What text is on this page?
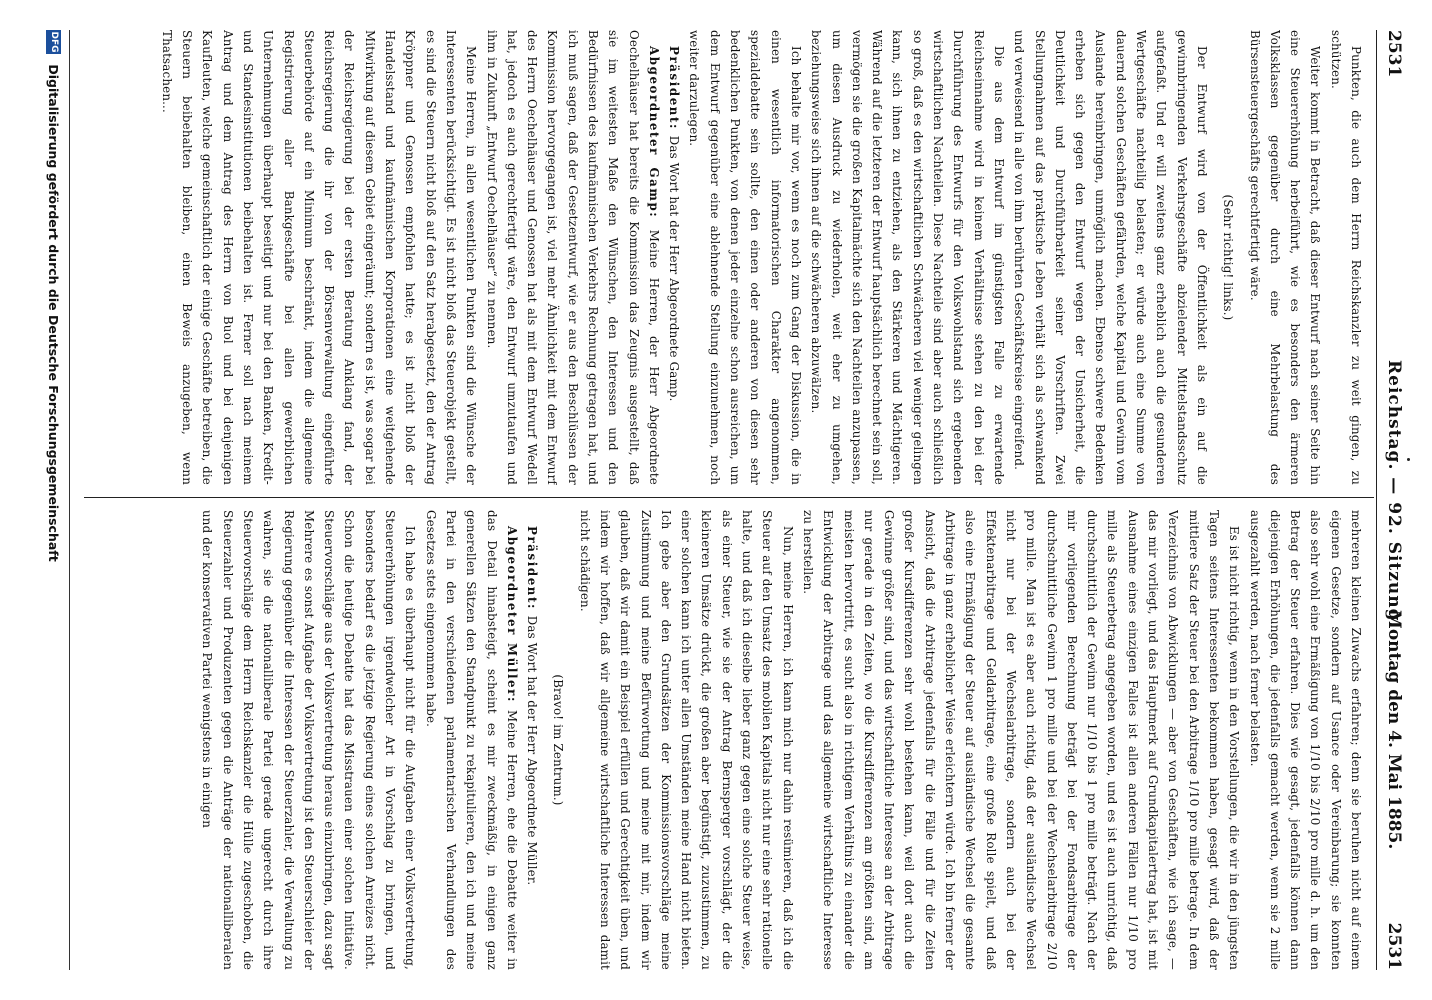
2531
Reichstag. — 92. Sitzung.
Montag den 4. Mai 1885.
2531

Punkten, die auch dem Herrn Reichskanzler zu weit gingen, zu schützen.

Weiter kommt in Betracht, daß dieser Entwurf nach seiner Seite hin eine Steuererhöhung herbeiführt, wie es besonders den ärmeren Volksklassen gegenüber durch eine Mehrbelastung des Bürsensteuergeschäfts gerechtfertigt wäre.

(Sehr richtig! links.)

Der Entwurf wird von der Öffentlichkeit als ein auf die gewinnbringenden Verkehrsgeschäfte abzielender Mittelstandsschutz aufgefaßt. Und er will zweitens ganz erheblich auch die gesunderen Wertgeschäfte nachteilig belasten; er würde auch eine Summe von dauernd solchen Geschäften gefährden, welche Kapital und Gewinn vom Auslande hereinbringen, unmöglich machen. Ebenso schwere Bedenken erheben sich gegen den Entwurf wegen der Unsicherheit, die Deutlichkeit und Durchführbarkeit seiner Vorschriften. Zwei Stellungnahmen auf das praktische Leben verhält sich als schwankend und verweisend in alle von ihm berührten Geschäftskreise eingreifend.

Die aus dem Entwurf im günstigsten Falle zu erwartende Reichseinnahme wird in keinem Verhältnisse stehen zu den bei der Durchführung des Entwurfs für den Volkswohlstand sich ergebenden wirtschaftlichen Nachteilen. Diese Nachteile sind aber auch schließlich so groß, daß es den wirtschaftlichen Schwächeren viel weniger gelingen kann, sich ihnen zu entziehen, als den Stärkeren und Mächtigeren. Während auf die letzteren der Entwurf hauptsächlich berechnet sein soll, vermögen sie die großen Kapitalmächte sich den Nachteilen anzupassen, um diesen Ausdruck zu wiederholen, weit eher zu umgehen, beziehungsweise sich ihnen auf die schwächeren abzuwälzen.

Ich behalte mir vor, wenn es noch zum Gang der Diskussion, die in einen wesentlich informatorischen Charakter angenommen, spezialdebatte sein sollte, den einen oder anderen von diesen sehr bedenklichen Punkten, von denen jeder einzelne schon ausreichen, um dem Entwurf gegenüber eine ablehnende Stellung einzunehmen, noch weiter darzulegen.

Präsident: Das Wort hat der Herr Abgeordnete Gamp.

Abgeordneter Gamp: Meine Herren, der Herr Abgeordnete Oechelhäuser hat bereits die Kommission das Zeugnis ausgestellt, daß sie im weitesten Maße den Wünschen, den Interessen und den Bedürfnissen des kaufmännischen Verkehrs Rechnung getragen hat, und ich muß sagen, daß der Gesetzentwurf, wie er aus den Beschlüssen der Kommission hervorgegangen ist, viel mehr Ähnlichkeit mit dem Entwurf des Herrn Oechelhäuser und Genossen hat als mit dem Entwurf Wedell hat, jedoch es auch gerechtfertigt wäre, den Entwurf umzutaufen und ihm in Zukunft „Entwurf Oechelhäuser“ zu nennen.

Meine Herren, in allen wesentlichen Punkten sind die Wünsche der Interessenten berücksichtigt. Es ist nicht bloß das Steuerobjekt gestellt, es sind die Steuern nicht bloß auf den Satz herabgesetzt, den der Antrag Kröppner und Genossen empfohlen hatte; es ist nicht bloß der Handelsstand und kaufmännischen Korporationen eine weitgehende Mitwirkung auf diesem Gebiet eingeräumt; sondern es ist, was sogar bei der Reichsregierung bei der ersten Beratung Anklang fand, der Reichsregierung die ihr von der Börsenverwaltung eingeführte Steuerbehörde auf ein Minimum beschränkt, indem die allgemeine Registrierung aller Bankgeschäfte bei allen gewerblichen Unternehmungen überhaupt beseitigt und nur bei den Banken, Kredit- und Standesinstitutionen beibehalten ist. Ferner soll nach meinem Antrag und dem Antrag des Herrn von Buol und bei denjenigen Kaufleuten, welche gemeinschaftlich der einige Geschäfte betreiben, die Steuern beibehalten bleiben, einen Beweis anzugeben, wenn Thatsachen...

mehreren kleinen Zuwachs erfahren; denn sie beruhen nicht auf einem eigenen Gesetze, sondern auf Usance oder Vereinbarung; sie konnten also sehr wohl eine Ermäßigung von 1/10 bis 2/10 pro mille d. h. um den Betrag der Steuer erfahren. Dies wie gesagt, jedenfalls können dann diejenigen Erhöhungen, die jedenfalls gemacht werden, wenn sie 2 mille ausgezahlt werden, nach ferner belasten.

Es ist nicht richtig, wenn in den Vorstellungen, die wir in den jüngsten Tagen seitens Interessenten bekommen haben, gesagt wird, daß der mittlere Satz der Steuer bei den Arbitrage 1/10 pro mille betrage. In dem Verzeichnis von Abwicklungen — aber von Geschäften, wie ich sage, — das mir vorliegt, und das Hauptmerk auf Grundkapitalertrag hat, ist mit Ausnahme eines einzigen Falles ist allen anderen Fällen nur 1/10 pro mille als Steuerbetrag angegeben worden, und es ist auch unrichtig, daß durchschnittlich der Gewinn nur 1/10 bis 1 pro mille beträgt. Nach der mir vorliegenden Berechnung beträgt bei der Fondsarbitrage der durchschnittliche Gewinn 1 pro mille und bei der Wechselarbitrage 2/10 pro mille. Man ist es aber auch richtig, daß der ausländische Wechsel nicht nur bei der Wechselarbitrage, sondern auch bei der Effektenarbitrage und Geldarbitrage, eine große Rolle spielt, und daß also eine Ermäßigung der Steuer auf ausländische Wechsel die gesamte Arbitrage in ganz erheblicher Weise erleichtern würde. Ich bin ferner der Ansicht, daß die Arbitrage jedenfalls für die Fälle und für die Zeiten großer Kursdifferenzen sehr wohl bestehen kann, weil dort auch die Gewinne größer sind, und das wirtschaftliche Interesse an der Arbitrage nur gerade in den Zeiten, wo die Kursdifferenzen am größten sind, am meisten hervortritt, es sucht also in richtigem Verhältnis zu einander die Entwicklung der Arbitrage und das allgemeine wirtschaftliche Interesse zu herstellen.

Nun, meine Herren, ich kann mich nur dahin resümieren, daß ich die Steuer auf den Umsatz des mobilen Kapitals nicht nur eine sehr rationelle halte, und daß ich dieselbe lieber ganz gegen eine solche Steuer weise, als einer Steuer, wie sie der Antrag Bernsperger vorschlägt, der die kleineren Umsätze drückt, die großen aber begünstigt, zuzustimmen, zu einer solchen kann ich unter allen Umständen meine Hand nicht bieten. Ich gebe aber den Grundsätzen der Kommissionsvorschläge meine Zustimmung und meine Befürwortung und meine mit mir, indem wir glauben, daß wir damit ein Beispiel erfüllen und Gerechtigkeit üben, und indem wir hoffen, daß wir allgemeine wirtschaftliche Interessen damit nicht schädigen.

(Bravo! im Zentrum.)

Präsident: Das Wort hat der Herr Abgeordnete Müller.

Abgeordneter Müller: Meine Herren, ehe die Debatte weiter in das Detail hinabsteigt, scheint es mir zweckmäßig, in einigen ganz generellen Sätzen den Standpunkt zu rekapitulieren, den ich und meine Partei in den verschiedenen parlamentarischen Verhandlungen des Gesetzes stets eingenommen habe.

Ich habe es überhaupt nicht für die Aufgaben einer Volksvertretung, Steuererhöhungen irgendwelcher Art in Vorschlag zu bringen, und besonders bedarf es die jetzige Regierung eines solchen Anreizes nicht. Schon die heutige Debatte hat das Misstrauen einer solchen Initiative. Steuervorschläge aus der Volksvertretung heraus einzubringen, dazu sagt Mehrere es sonst Aufgabe der Volksvertretung ist den Steuerschleier der Regierung gegenüber die Interessen der Steuerzahler, die Verwaltung zu wahren, sie die nationalliberale Partei gerade ungerecht durch ihre Steuervorschläge dem Herrn Reichskanzler die Hülle zugeschoben, die Steuerzahler und Produzenten gegen die Anträge der nationalliberalen und der konservativen Partei wenigstens in einigen

DFG Digitalisierung gefördert durch die Deutsche Forschungsgemeinschaft
